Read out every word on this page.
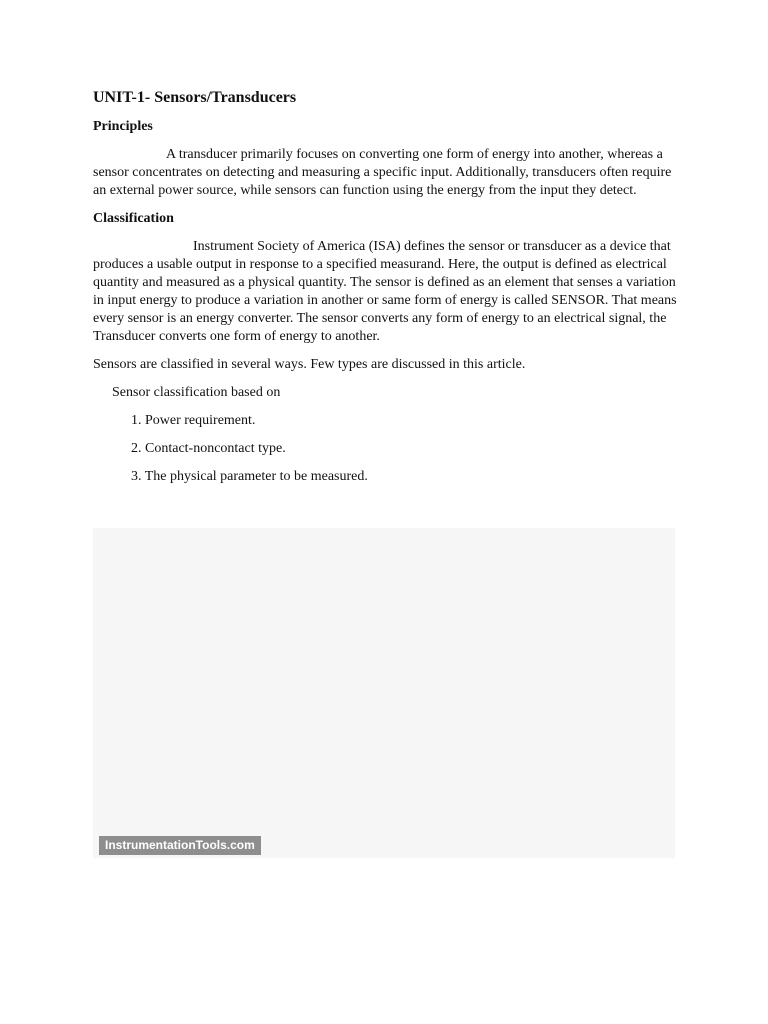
UNIT-1- Sensors/Transducers
Principles

A transducer primarily focuses on converting one form of energy into another, whereas a sensor concentrates on detecting and measuring a specific input. Additionally, transducers often require an external power source, while sensors can function using the energy from the input they detect.

Classification

Instrument Society of America (ISA) defines the sensor or transducer as a device that produces a usable output in response to a specified measurand. Here, the output is defined as electrical quantity and measured as a physical quantity. The sensor is defined as an element that senses a variation in input energy to produce a variation in another or same form of energy is called SENSOR. That means every sensor is an energy converter. The sensor converts any form of energy to an electrical signal, the Transducer converts one form of energy to another.

Sensors are classified in several ways. Few types are discussed in this article.

Sensor classification based on

1. Power requirement.
2. Contact-noncontact type.
3. The physical parameter to be measured.
InstrumentationTools.com
